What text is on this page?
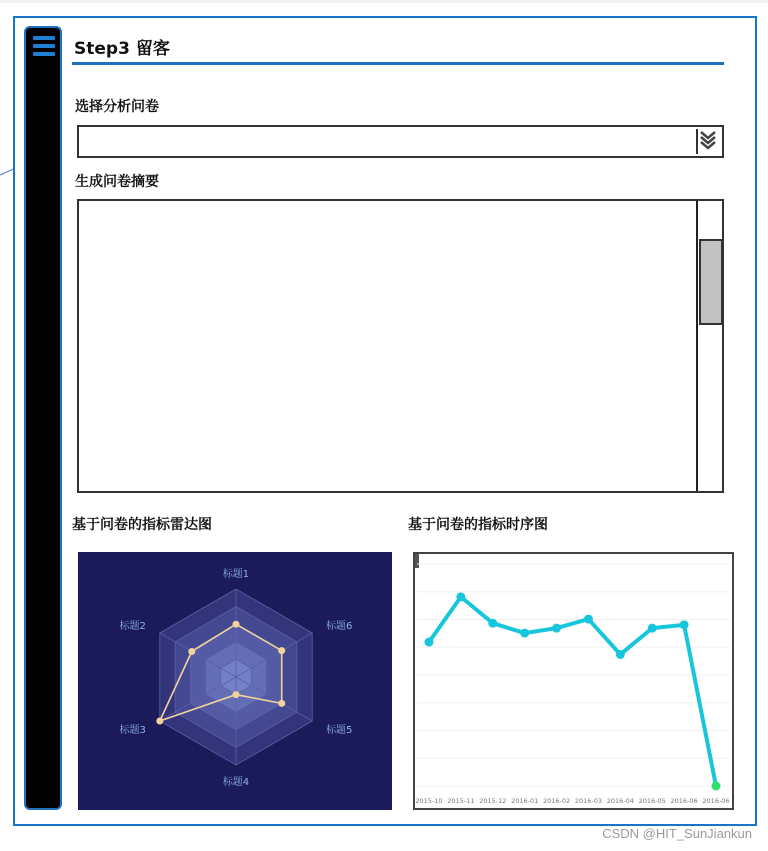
Step3 留客
选择分析问卷
生成问卷摘要
基于问卷的指标雷达图	基于问卷的指标时序图
标题1
标题6
标题5
标题4
标题3
标题2
2015-10 2015-11 2015-12 2016-01 2016-02 2016-03 2016-04 2016-05 2016-06 2016-06
CSDN @HIT_SunJiankun
